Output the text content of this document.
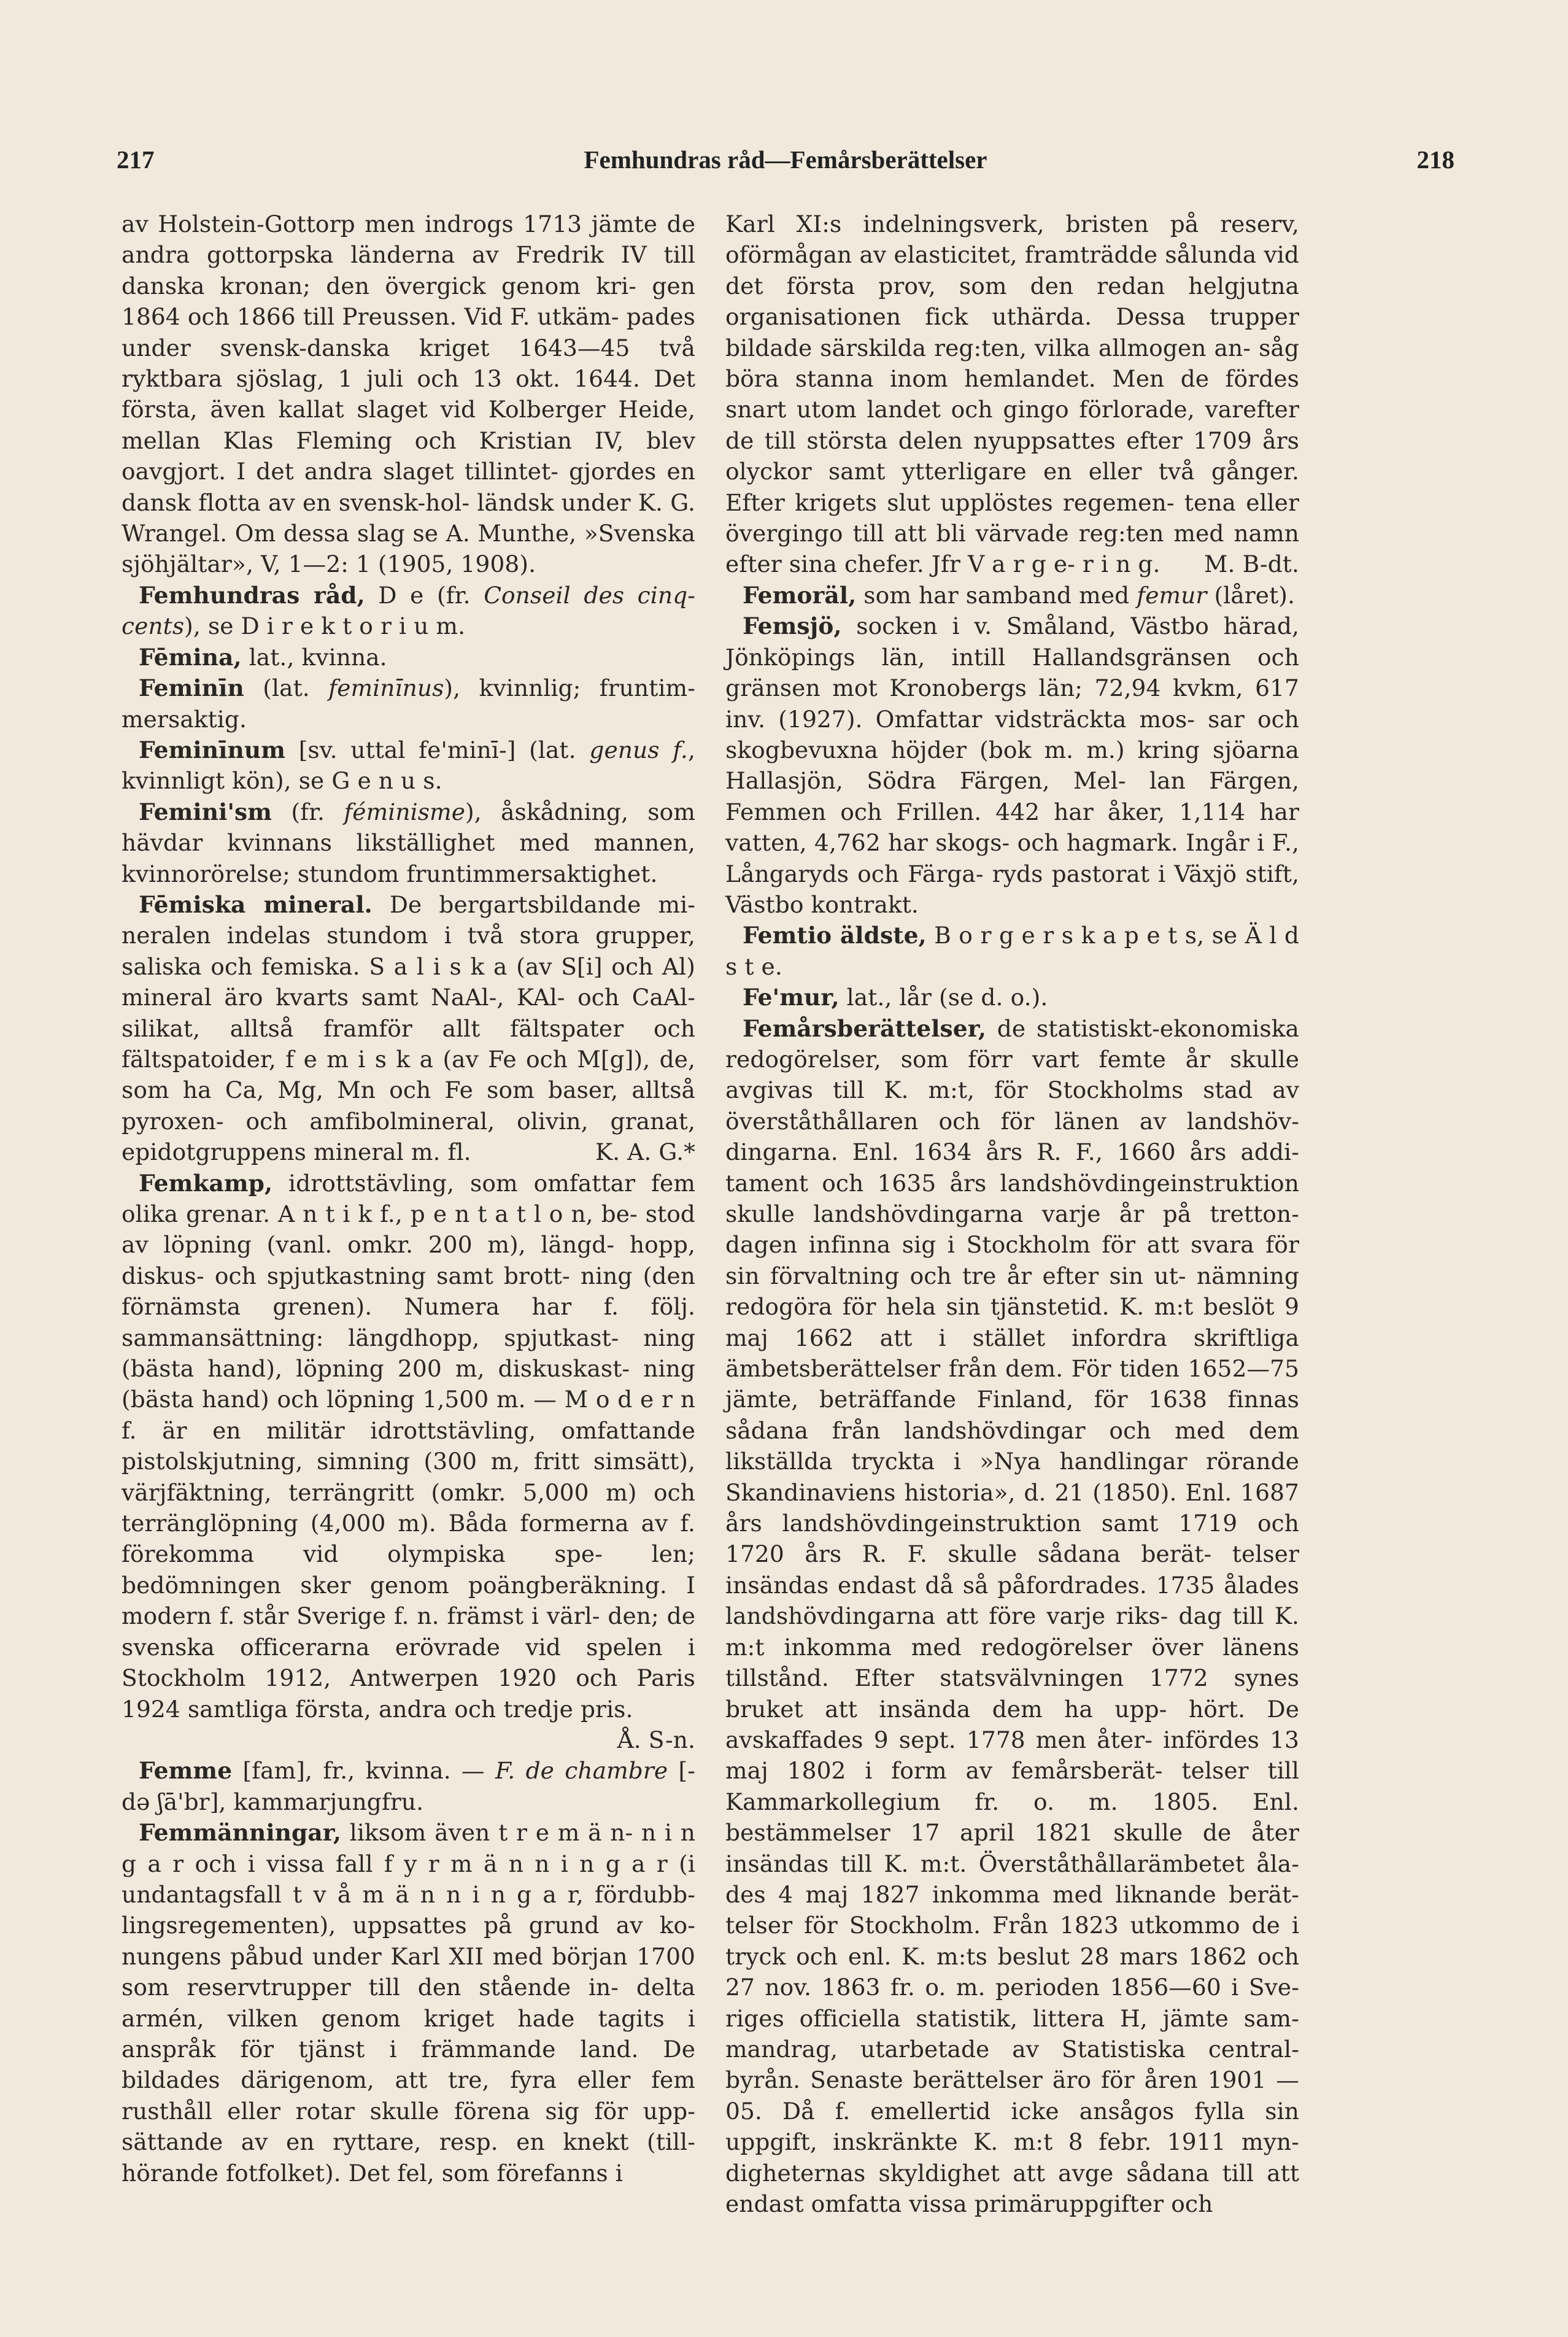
217	Femhundras råd—Femårsberättelser	218

av Holstein-Gottorp men indrogs 1713 jämte de andra gottorpska länderna av Fredrik IV till danska kronan; den övergick genom kri- gen 1864 och 1866 till Preussen. Vid F. utkäm- pades under svensk-danska kriget 1643—45 två ryktbara sjöslag, 1 juli och 13 okt. 1644. Det första, även kallat slaget vid Kolberger Heide, mellan Klas Fleming och Kristian IV, blev oavgjort. I det andra slaget tillintet- gjordes en dansk flotta av en svensk-hol- ländsk under K. G. Wrangel. Om dessa slag se A. Munthe, »Svenska sjöhjältar», V, 1—2: 1 (1905, 1908).

Femhundras råd, D e (fr. Conseil des cinq- cents), se D i r e k t o r i u m.

Fēmina, lat., kvinna.

Feminīn (lat. feminīnus), kvinnlig; fruntim- mersaktig.

Feminīnum [sv. uttal fe'minī-] (lat. genus f., kvinnligt kön), se G e n u s.

Femini'sm (fr. féminisme), åskådning, som hävdar kvinnans likställighet med mannen, kvinnorörelse; stundom fruntimmersaktighet.

Fēmiska mineral. De bergartsbildande mi- neralen indelas stundom i två stora grupper, saliska och femiska. S a l i s k a (av S[i] och Al) mineral äro kvarts samt NaAl-, KAl- och CaAl-silikat, alltså framför allt fältspater och fältspatoider, f e m i s k a (av Fe och M[g]), de, som ha Ca, Mg, Mn och Fe som baser, alltså pyroxen- och amfibolmineral, olivin, granat, epidotgruppens mineral m. fl.	K. A. G.*

Femkamp, idrottstävling, som omfattar fem olika grenar. A n t i k f., p e n t a t l o n, be- stod av löpning (vanl. omkr. 200 m), längd- hopp, diskus- och spjutkastning samt brott- ning (den förnämsta grenen). Numera har f. följ. sammansättning: längdhopp, spjutkast- ning (bästa hand), löpning 200 m, diskuskast- ning (bästa hand) och löpning 1,500 m. — M o d e r n f. är en militär idrottstävling, omfattande pistolskjutning, simning (300 m, fritt simsätt), värjfäktning, terrängritt (omkr. 5,000 m) och terränglöpning (4,000 m). Båda formerna av f. förekomma vid olympiska spe- len; bedömningen sker genom poängberäkning. I modern f. står Sverige f. n. främst i värl- den; de svenska officerarna erövrade vid spelen i Stockholm 1912, Antwerpen 1920 och Paris 1924 samtliga första, andra och tredje pris.
Å. S-n.

Femme [fam], fr., kvinna. — F. de chambre [-də ʃā'br], kammarjungfru.

Femmänningar, liksom även t r e m ä n- n i n g a r och i vissa fall f y r m ä n n i n g a r (i undantagsfall t v å m ä n n i n g a r, fördubb- lingsregementen), uppsattes på grund av ko- nungens påbud under Karl XII med början 1700 som reservtrupper till den stående in- delta armén, vilken genom kriget hade tagits i anspråk för tjänst i främmande land. De bildades därigenom, att tre, fyra eller fem rusthåll eller rotar skulle förena sig för upp- sättande av en ryttare, resp. en knekt (till- hörande fotfolket). Det fel, som förefanns i

Karl XI:s indelningsverk, bristen på reserv, oförmågan av elasticitet, framträdde sålunda vid det första prov, som den redan helgjutna organisationen fick uthärda. Dessa trupper bildade särskilda reg:ten, vilka allmogen an- såg böra stanna inom hemlandet. Men de fördes snart utom landet och gingo förlorade, varefter de till största delen nyuppsattes efter 1709 års olyckor samt ytterligare en eller två gånger. Efter krigets slut upplöstes regemen- tena eller övergingo till att bli värvade reg:ten med namn efter sina chefer. Jfr V a r g e- r i n g. M. B-dt.

Femoräl, som har samband med femur (låret).

Femsjö, socken i v. Småland, Västbo härad, Jönköpings län, intill Hallandsgränsen och gränsen mot Kronobergs län; 72,94 kvkm, 617 inv. (1927). Omfattar vidsträckta mos- sar och skogbevuxna höjder (bok m. m.) kring sjöarna Hallasjön, Södra Färgen, Mel- lan Färgen, Femmen och Frillen. 442 har åker, 1,114 har vatten, 4,762 har skogs- och hagmark. Ingår i F., Långaryds och Färga- ryds pastorat i Växjö stift, Västbo kontrakt.

Femtio äldste, B o r g e r s k a p e t s, se Ä l d s t e.

Fe'mur, lat., lår (se d. o.).

Femårsberättelser, de statistiskt-ekonomiska redogörelser, som förr vart femte år skulle avgivas till K. m:t, för Stockholms stad av överståthållaren och för länen av landshöv- dingarna. Enl. 1634 års R. F., 1660 års addi- tament och 1635 års landshövdingeinstruktion skulle landshövdingarna varje år på tretton- dagen infinna sig i Stockholm för att svara för sin förvaltning och tre år efter sin ut- nämning redogöra för hela sin tjänstetid. K. m:t beslöt 9 maj 1662 att i stället infordra skriftliga ämbetsberättelser från dem. För tiden 1652—75 jämte, beträffande Finland, för 1638 finnas sådana från landshövdingar och med dem likställda tryckta i »Nya handlingar rörande Skandinaviens historia», d. 21 (1850). Enl. 1687 års landshövdingeinstruktion samt 1719 och 1720 års R. F. skulle sådana berät- telser insändas endast då så påfordrades. 1735 ålades landshövdingarna att före varje riks- dag till K. m:t inkomma med redogörelser över länens tillstånd. Efter statsvälvningen 1772 synes bruket att insända dem ha upp- hört. De avskaffades 9 sept. 1778 men åter- infördes 13 maj 1802 i form av femårsberät- telser till Kammarkollegium fr. o. m. 1805. Enl. bestämmelser 17 april 1821 skulle de åter insändas till K. m:t. Överståthållarämbetet åla- des 4 maj 1827 inkomma med liknande berät- telser för Stockholm. Från 1823 utkommo de i tryck och enl. K. m:ts beslut 28 mars 1862 och 27 nov. 1863 fr. o. m. perioden 1856—60 i Sve- riges officiella statistik, littera H, jämte sam- mandrag, utarbetade av Statistiska central- byrån. Senaste berättelser äro för åren 1901 —05. Då f. emellertid icke ansågos fylla sin uppgift, inskränkte K. m:t 8 febr. 1911 myn- digheternas skyldighet att avge sådana till att endast omfatta vissa primäruppgifter och
